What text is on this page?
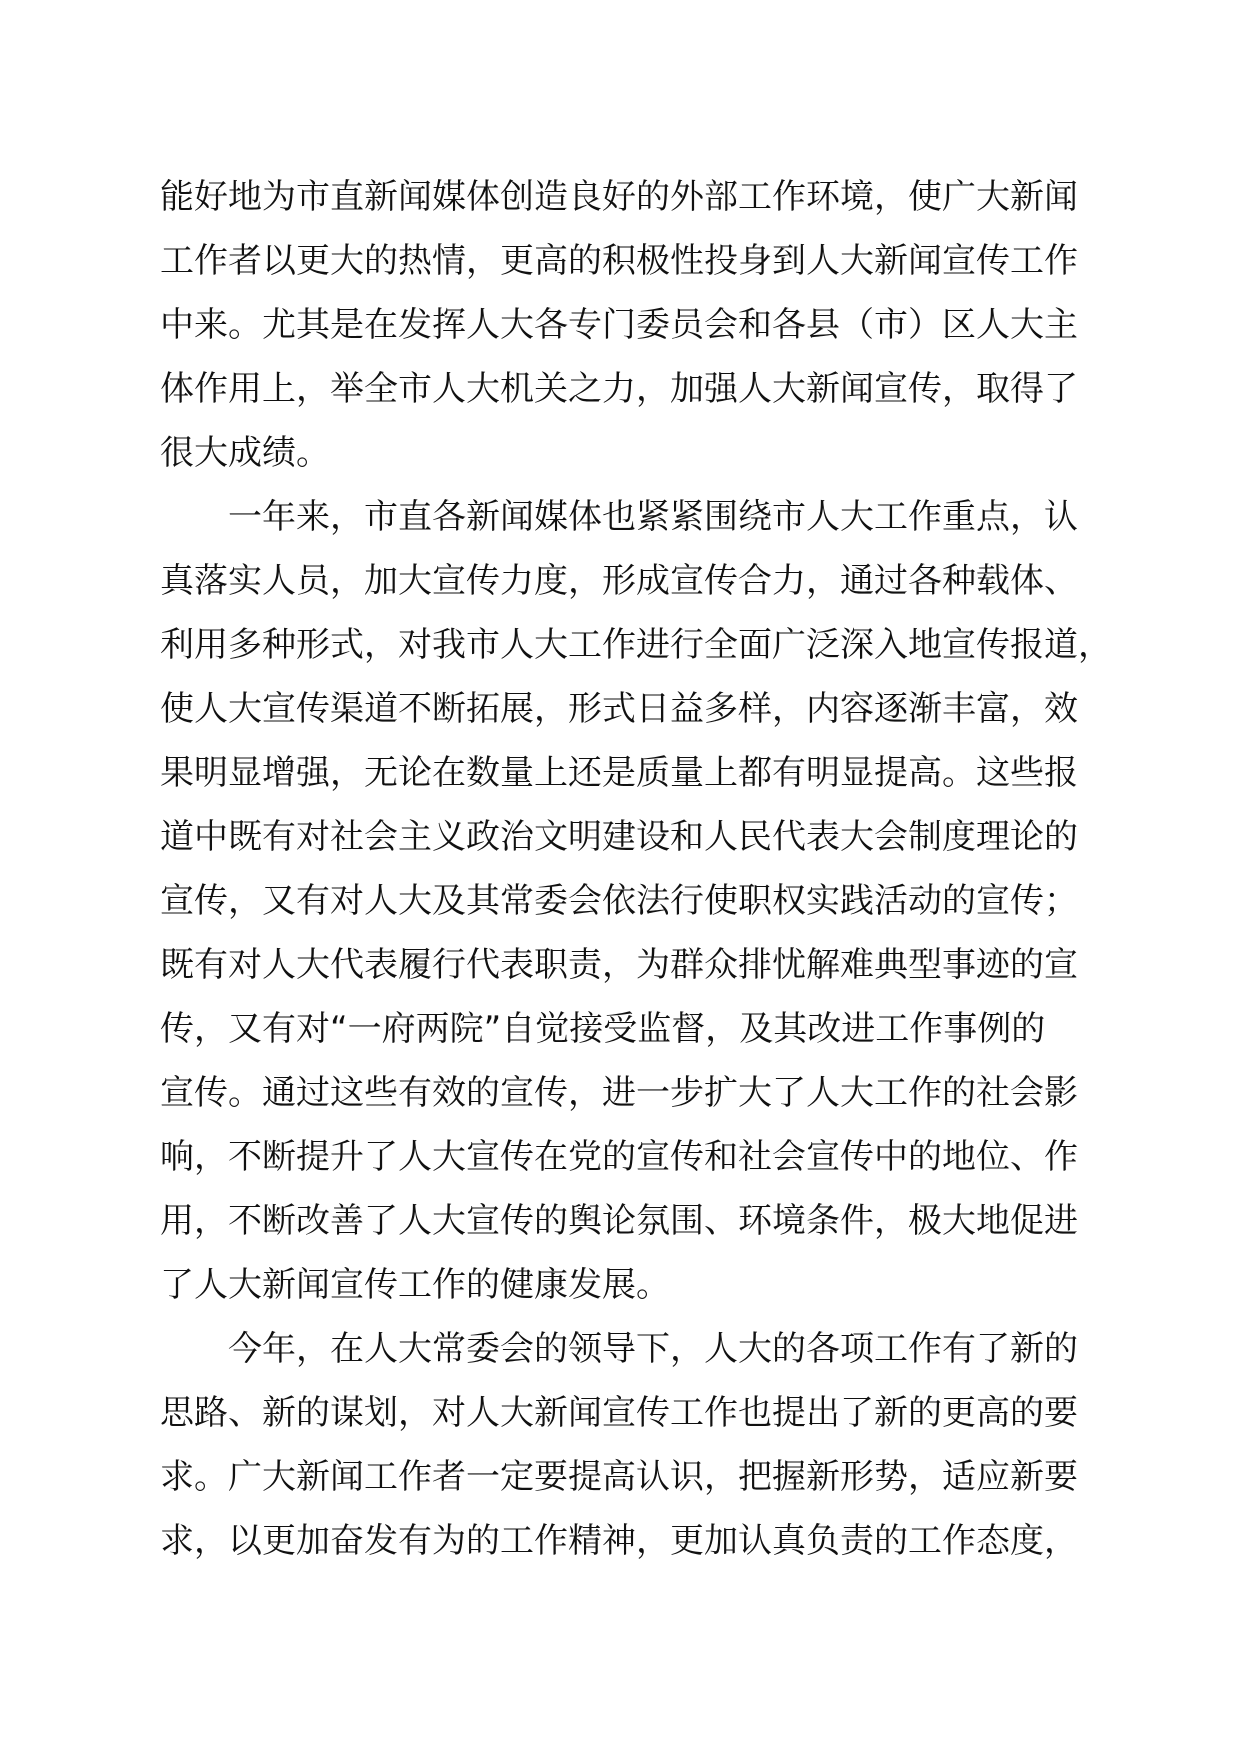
能好地为市直新闻媒体创造良好的外部工作环境，使广大新闻
工作者以更大的热情，更高的积极性投身到人大新闻宣传工作
中来。尤其是在发挥人大各专门委员会和各县（市）区人大主
体作用上，举全市人大机关之力，加强人大新闻宣传，取得了
很大成绩。
一年来，市直各新闻媒体也紧紧围绕市人大工作重点，认
真落实人员，加大宣传力度，形成宣传合力，通过各种载体、
利用多种形式，对我市人大工作进行全面广泛深入地宣传报道，
使人大宣传渠道不断拓展，形式日益多样，内容逐渐丰富，效
果明显增强，无论在数量上还是质量上都有明显提高。这些报
道中既有对社会主义政治文明建设和人民代表大会制度理论的
宣传，又有对人大及其常委会依法行使职权实践活动的宣传；
既有对人大代表履行代表职责，为群众排忧解难典型事迹的宣
传，又有对“一府两院”自觉接受监督，及其改进工作事例的
宣传。通过这些有效的宣传，进一步扩大了人大工作的社会影
响，不断提升了人大宣传在党的宣传和社会宣传中的地位、作
用，不断改善了人大宣传的舆论氛围、环境条件，极大地促进
了人大新闻宣传工作的健康发展。
今年，在人大常委会的领导下，人大的各项工作有了新的
思路、新的谋划，对人大新闻宣传工作也提出了新的更高的要
求。广大新闻工作者一定要提高认识，把握新形势，适应新要
求，以更加奋发有为的工作精神，更加认真负责的工作态度，
